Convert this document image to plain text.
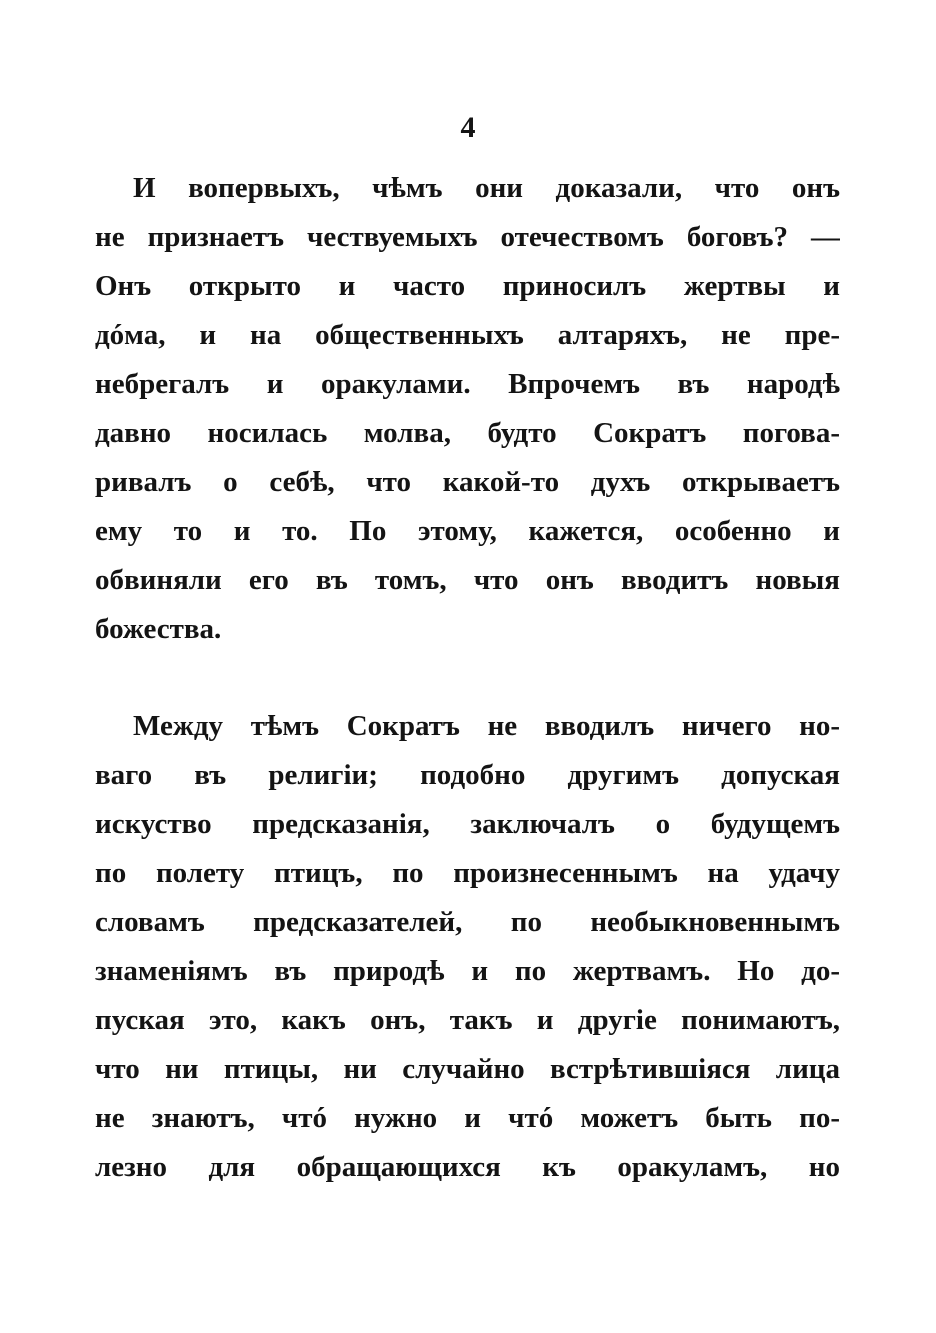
4
И вопервыхъ, чѣмъ они доказали, что онъ
не признаетъ чествуемыхъ отечествомъ боговъ? —
Онъ открыто и часто приносилъ жертвы и
дóма, и на общественныхъ алтаряхъ, не пре-
небрегалъ и оракулами. Впрочемъ въ народѣ
давно носилась молва, будто Сократъ погова-
ривалъ о себѣ, что какой-то духъ открываетъ
ему то и то. По этому, кажется, особенно и
обвиняли его въ томъ, что онъ вводитъ новыя
божества.
Между тѣмъ Сократъ не вводилъ ничего но-
ваго въ религіи; подобно другимъ допуская
искуство предсказанія, заключалъ о будущемъ
по полету птицъ, по произнесеннымъ на удачу
словамъ предсказателей, по необыкновеннымъ
знаменіямъ въ природѣ и по жертвамъ. Но до-
пуская это, какъ онъ, такъ и другіе понимаютъ,
что ни птицы, ни случайно встрѣтившіяся лица
не знаютъ, чтó нужно и чтó можетъ быть по-
лезно для обращающихся къ оракуламъ, но
